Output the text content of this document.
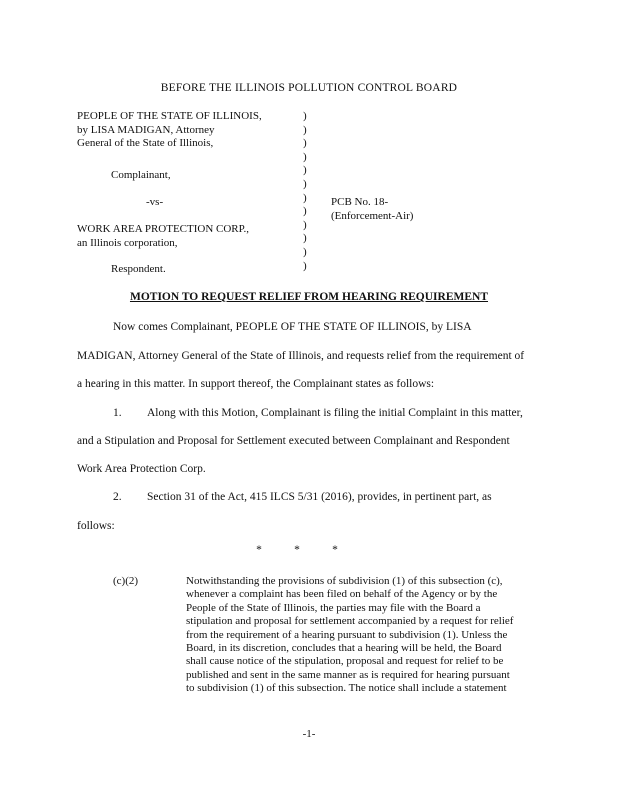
BEFORE THE ILLINOIS POLLUTION CONTROL BOARD
PEOPLE OF THE STATE OF ILLINOIS,
by LISA MADIGAN, Attorney
General of the State of Illinois,
Complainant,
-vs-
WORK AREA PROTECTION CORP.,
an Illinois corporation,
Respondent.
)
)
)
)
)
)
)
)
)
)
)
)
PCB No. 18-
(Enforcement-Air)
MOTION TO REQUEST RELIEF FROM HEARING REQUIREMENT
Now comes Complainant, PEOPLE OF THE STATE OF ILLINOIS, by LISA
MADIGAN, Attorney General of the State of Illinois, and requests relief from the requirement of
a hearing in this matter. In support thereof, the Complainant states as follows:
1. Along with this Motion, Complainant is filing the initial Complaint in this matter,
and a Stipulation and Proposal for Settlement executed between Complainant and Respondent
Work Area Protection Corp.
2. Section 31 of the Act, 415 ILCS 5/31 (2016), provides, in pertinent part, as
follows:
*	*	*
(c)(2)	Notwithstanding the provisions of subdivision (1) of this subsection (c),
whenever a complaint has been filed on behalf of the Agency or by the
People of the State of Illinois, the parties may file with the Board a
stipulation and proposal for settlement accompanied by a request for relief
from the requirement of a hearing pursuant to subdivision (1). Unless the
Board, in its discretion, concludes that a hearing will be held, the Board
shall cause notice of the stipulation, proposal and request for relief to be
published and sent in the same manner as is required for hearing pursuant
to subdivision (1) of this subsection. The notice shall include a statement
-1-
